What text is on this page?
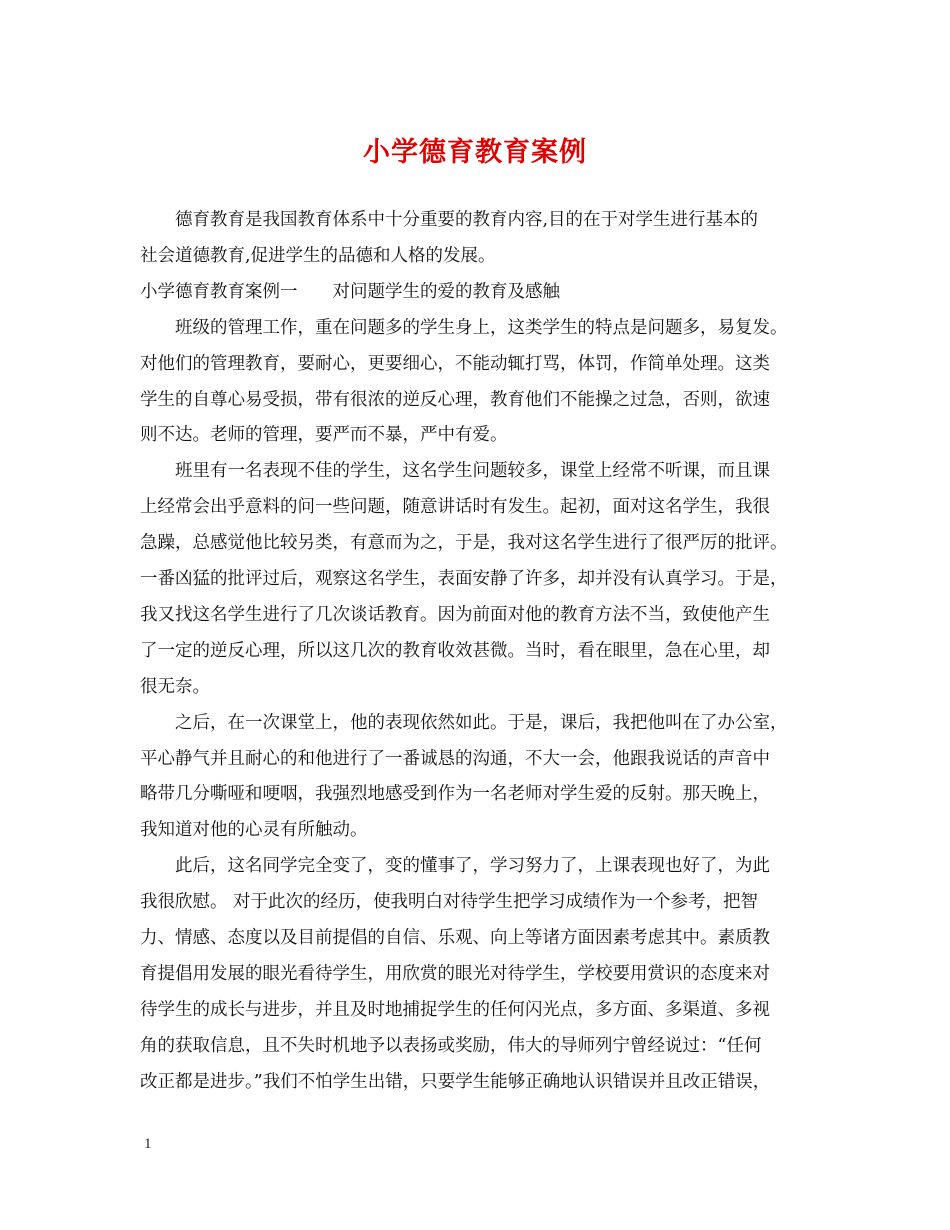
小学德育教育案例
　　德育教育是我国教育体系中十分重要的教育内容,目的在于对学生进行基本的
社会道德教育,促进学生的品德和人格的发展。
小学德育教育案例一　　对问题学生的爱的教育及感触
　　班级的管理工作，重在问题多的学生身上，这类学生的特点是问题多，易复发。
对他们的管理教育，要耐心，更要细心，不能动辄打骂，体罚，作简单处理。这类
学生的自尊心易受损，带有很浓的逆反心理，教育他们不能操之过急，否则，欲速
则不达。老师的管理，要严而不暴，严中有爱。
　　班里有一名表现不佳的学生，这名学生问题较多，课堂上经常不听课，而且课
上经常会出乎意料的问一些问题，随意讲话时有发生。起初，面对这名学生，我很
急躁，总感觉他比较另类，有意而为之，于是，我对这名学生进行了很严厉的批评。
一番凶猛的批评过后，观察这名学生，表面安静了许多，却并没有认真学习。于是，
我又找这名学生进行了几次谈话教育。因为前面对他的教育方法不当，致使他产生
了一定的逆反心理，所以这几次的教育收效甚微。当时，看在眼里，急在心里，却
很无奈。
　　之后，在一次课堂上，他的表现依然如此。于是，课后，我把他叫在了办公室，
平心静气并且耐心的和他进行了一番诚恳的沟通，不大一会，他跟我说话的声音中
略带几分嘶哑和哽咽，我强烈地感受到作为一名老师对学生爱的反射。那天晚上，
我知道对他的心灵有所触动。
　　此后，这名同学完全变了，变的懂事了，学习努力了，上课表现也好了，为此
我很欣慰。 对于此次的经历，使我明白对待学生把学习成绩作为一个参考，把智
力、情感、态度以及目前提倡的自信、乐观、向上等诸方面因素考虑其中。素质教
育提倡用发展的眼光看待学生，用欣赏的眼光对待学生，学校要用赏识的态度来对
待学生的成长与进步，并且及时地捕捉学生的任何闪光点，多方面、多渠道、多视
角的获取信息，且不失时机地予以表扬或奖励，伟大的导师列宁曾经说过：“任何
改正都是进步。”我们不怕学生出错，只要学生能够正确地认识错误并且改正错误，
1
